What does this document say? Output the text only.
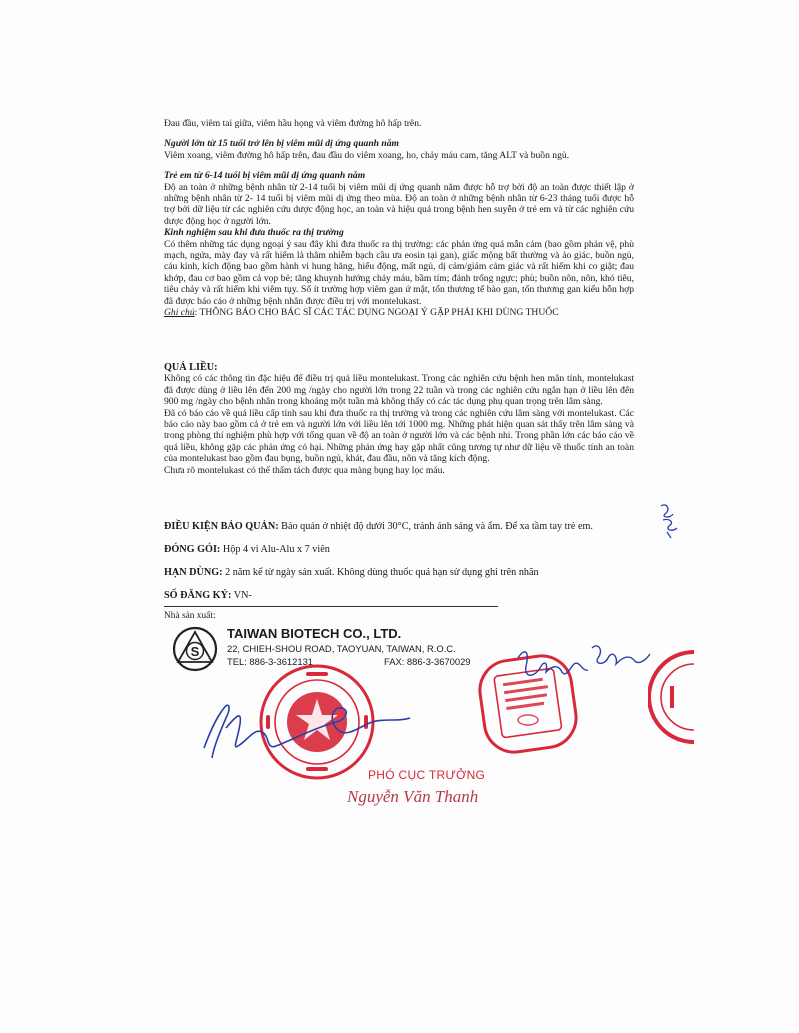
Đau đầu, viêm tai giữa, viêm hầu họng và viêm đường hô hấp trên.

Người lớn từ 15 tuổi trở lên bị viêm mũi dị ứng quanh năm

Viêm xoang, viêm đường hô hấp trên, đau đầu do viêm xoang, ho, chảy máu cam, tăng ALT và buồn ngủ.

Trẻ em từ 6-14 tuổi bị viêm mũi dị ứng quanh năm

Độ an toàn ở những bệnh nhân từ 2-14 tuổi bị viêm mũi dị ứng quanh năm được hỗ trợ bởi độ an toàn được thiết lập ở những bệnh nhân từ 2- 14 tuổi bị viêm mũi dị ứng theo mùa. Độ an toàn ở những bệnh nhân từ 6-23 tháng tuổi được hỗ trợ bởi dữ liệu từ các nghiên cứu dược động học, an toàn và hiệu quả trong bệnh hen suyễn ở trẻ em và từ các nghiên cứu dược động học ở người lớn.

Kinh nghiệm sau khi đưa thuốc ra thị trường

Có thêm những tác dụng ngoại ý sau đây khi đưa thuốc ra thị trường: các phản ứng quá mẫn cảm (bao gồm phản vệ, phù mạch, ngứa, mày đay và rất hiếm là thâm nhiễm bạch cầu ưa eosin tại gan), giấc mộng bất thường và ảo giác, buồn ngủ, cáu kỉnh, kích động bao gồm hành vi hung hăng, hiếu động, mất ngủ, dị cảm/giảm cảm giác và rất hiếm khi co giật; đau khớp, đau cơ bao gồm cả vọp bẻ; tăng khuynh hướng chảy máu, bầm tím; đánh trống ngực; phù; buồn nôn, nôn, khó tiêu, tiêu chảy và rất hiếm khi viêm tụy. Số ít trường hợp viêm gan ứ mật, tổn thương tế bào gan, tổn thương gan kiểu hỗn hợp đã được báo cáo ở những bệnh nhân được điều trị với montelukast.

Ghi chú: THÔNG BÁO CHO BÁC SĨ CÁC TÁC DỤNG NGOẠI Ý GẶP PHẢI KHI DÙNG THUỐC

QUÁ LIỀU:

Không có các thông tin đặc hiệu để điều trị quá liều montelukast. Trong các nghiên cứu bệnh hen mãn tính, montelukast đã được dùng ở liều lên đến 200 mg /ngày cho người lớn trong 22 tuần và trong các nghiên cứu ngắn hạn ở liều lên đến 900 mg /ngày cho bệnh nhân trong khoảng một tuần mà không thấy có các tác dụng phụ quan trọng trên lâm sàng.

Đã có báo cáo về quá liều cấp tính sau khi đưa thuốc ra thị trường và trong các nghiên cứu lâm sàng với montelukast. Các báo cáo này bao gồm cả ở trẻ em và người lớn với liều lên tới 1000 mg. Những phát hiện quan sát thấy trên lâm sàng và trong phòng thí nghiệm phù hợp với tổng quan về độ an toàn ở người lớn và các bệnh nhi. Trong phần lớn các báo cáo về quá liều, không gặp các phản ứng có hại. Những phản ứng hay gặp nhất cũng tương tự như dữ liệu về thuốc tính an toàn của montelukast bao gồm đau bụng, buồn ngủ, khát, đau đầu, nôn và tăng kích động.

Chưa rõ montelukast có thể thẩm tách được qua màng bụng hay lọc máu.

ĐIỀU KIỆN BẢO QUẢN: Bảo quản ở nhiệt độ dưới 30°C, tránh ánh sáng và ẩm. Để xa tầm tay trẻ em.
ĐÓNG GÓI: Hộp 4 vỉ Alu-Alu x 7 viên
HẠN DÙNG: 2 năm kể từ ngày sản xuất. Không dùng thuốc quá hạn sử dụng ghi trên nhãn
SỐ ĐĂNG KÝ: VN-
Nhà sản xuất:
S
TAIWAN BIOTECH CO., LTD.
22, CHIEH-SHOU ROAD, TAOYUAN, TAIWAN, R.O.C.
TEL: 886-3-3612131	FAX: 886-3-3670029
PHÓ CỤC TRƯỞNG
Nguyễn Văn Thanh
